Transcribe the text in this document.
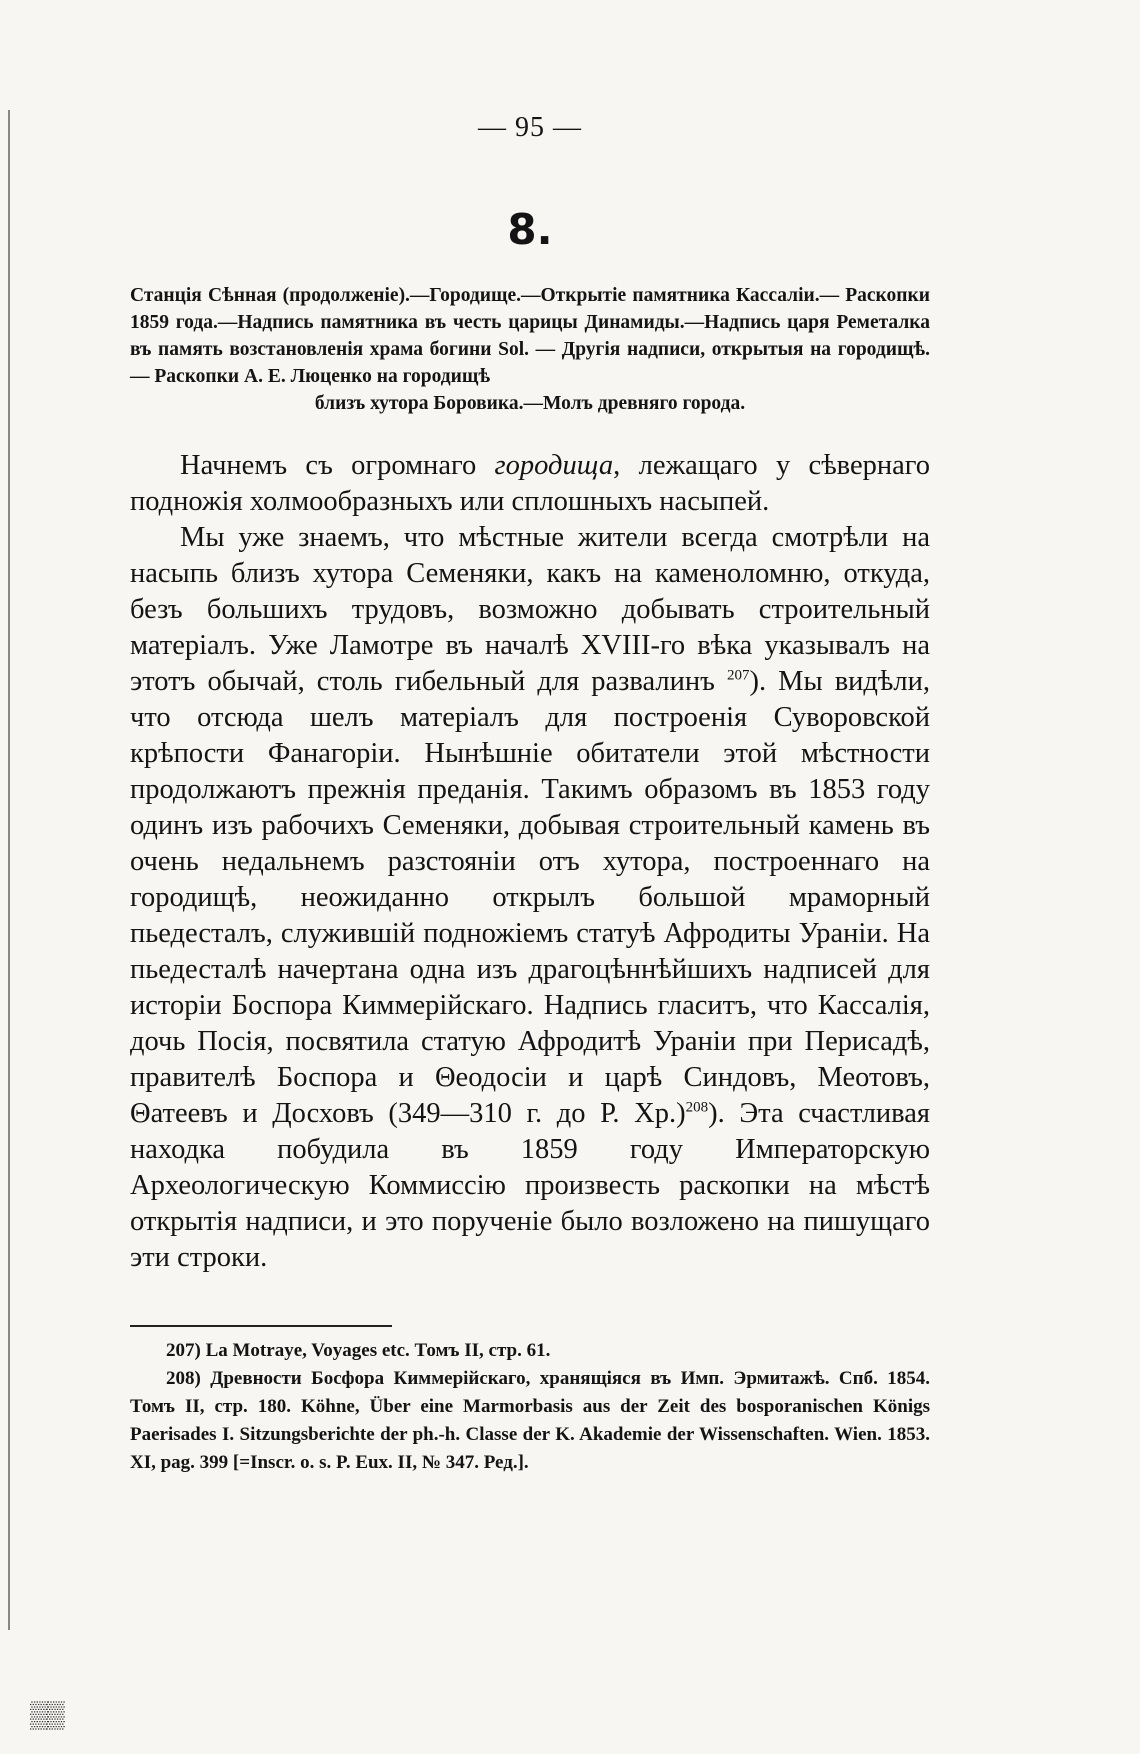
— 95 —
8.

Станція Сѣнная (продолженіе).—Городище.—Открытіе памятника Кассаліи.— Раскопки 1859 года.—Надпись памятника въ честь царицы Динамиды.—Надпись царя Реметалка въ память возстановленія храма богини Sol. — Другія надписи, открытыя на городищѣ. — Раскопки А. Е. Люценко на городищѣ

близъ хутора Боровика.—Молъ древняго города.

Начнемъ съ огромнаго городища, лежащаго у сѣвернаго подножія холмообразныхъ или сплошныхъ насыпей.

Мы уже знаемъ, что мѣстные жители всегда смотрѣли на насыпь близъ хутора Семеняки, какъ на каменоломню, откуда, безъ большихъ трудовъ, возможно добывать строительный матеріалъ. Уже Ламотре въ началѣ XVIII-го вѣка указывалъ на этотъ обычай, столь гибельный для развалинъ $^{207}$). Мы видѣли, что отсюда шелъ матеріалъ для построенія Суворовской крѣпости Фанагоріи. Нынѣшніе обитатели этой мѣстности продолжаютъ прежнія преданія. Такимъ образомъ въ 1853 году одинъ изъ рабочихъ Семеняки, добывая строительный камень въ очень недальнемъ разстояніи отъ хутора, построеннаго на городищѣ, неожиданно открылъ большой мраморный пьедесталъ, служившій подножіемъ статуѣ Афродиты Ураніи. На пьедесталѣ начертана одна изъ драгоцѣннѣйшихъ надписей для исторіи Боспора Киммерійскаго. Надпись гласитъ, что Кассалія, дочь Посія, посвятила статую Афродитѣ Ураніи при Перисадѣ, правителѣ Боспора и Θеодосіи и царѣ Синдовъ, Меотовъ, Θатеевъ и Досховъ (349—310 г. до Р. Хр.)$^{208}$). Эта счастливая находка побудила въ 1859 году Императорскую Археологическую Коммиссію произвесть раскопки на мѣстѣ открытія надписи, и это порученіе было возложено на пишущаго эти строки.

207) La Motraye, Voyages etc. Томъ II, стр. 61.

208) Древности Босфора Киммерійскаго, хранящіяся въ Имп. Эрмитажѣ. Спб. 1854. Томъ II, стр. 180. Köhne, Über eine Marmorbasis aus der Zeit des bosporanischen Königs Paerisades I. Sitzungsberichte der ph.-h. Classe der K. Akademie der Wissenschaften. Wien. 1853. XI, pag. 399 [=Inscr. o. s. P. Eux. II, № 347. Ред.].

▒▒
